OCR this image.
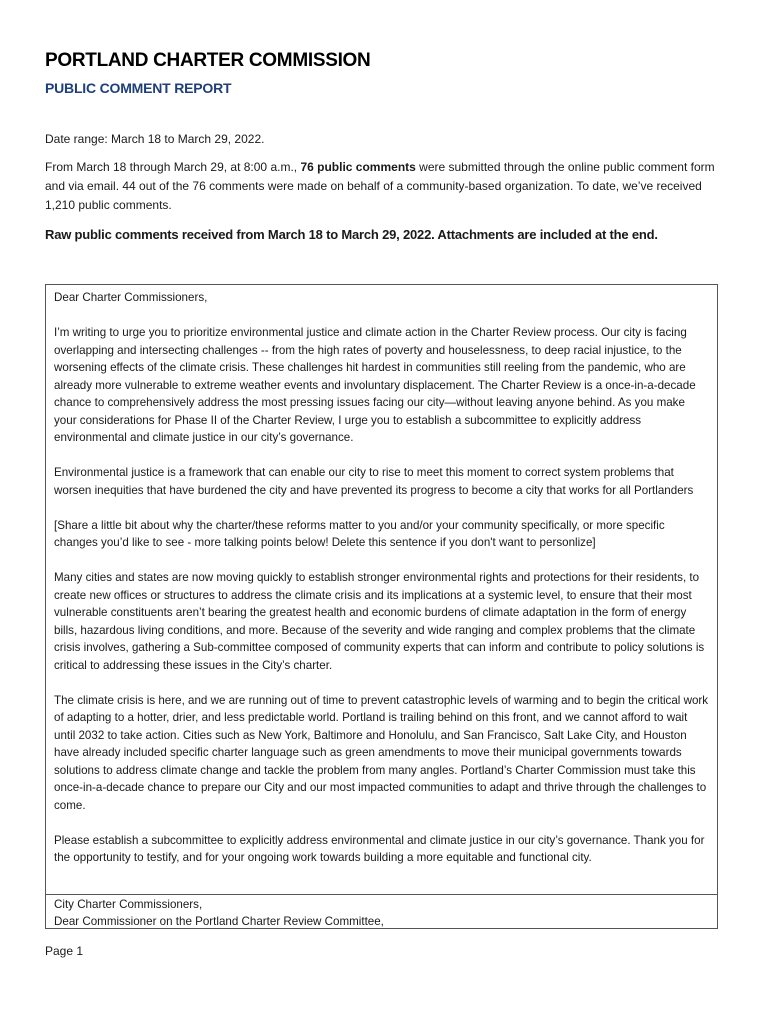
PORTLAND CHARTER COMMISSION
PUBLIC COMMENT REPORT

Date range: March 18 to March 29, 2022.

From March 18 through March 29, at 8:00 a.m., 76 public comments were submitted through the online public comment form and via email. 44 out of the 76 comments were made on behalf of a community-based organization. To date, we’ve received 1,210 public comments.

Raw public comments received from March 18 to March 29, 2022. Attachments are included at the end.

Dear Charter Commissioners,

I’m writing to urge you to prioritize environmental justice and climate action in the Charter Review process. Our city is facing overlapping and intersecting challenges -- from the high rates of poverty and houselessness, to deep racial injustice, to the worsening effects of the climate crisis. These challenges hit hardest in communities still reeling from the pandemic, who are already more vulnerable to extreme weather events and involuntary displacement. The Charter Review is a once-in-a-decade chance to comprehensively address the most pressing issues facing our city—without leaving anyone behind. As you make your considerations for Phase II of the Charter Review, I urge you to establish a subcommittee to explicitly address environmental and climate justice in our city’s governance.

Environmental justice is a framework that can enable our city to rise to meet this moment to correct system problems that worsen inequities that have burdened the city and have prevented its progress to become a city that works for all Portlanders

[Share a little bit about why the charter/these reforms matter to you and/or your community specifically, or more specific changes you’d like to see - more talking points below! Delete this sentence if you don't want to personlize]

Many cities and states are now moving quickly to establish stronger environmental rights and protections for their residents, to create new offices or structures to address the climate crisis and its implications at a systemic level, to ensure that their most vulnerable constituents aren’t bearing the greatest health and economic burdens of climate adaptation in the form of energy bills, hazardous living conditions, and more. Because of the severity and wide ranging and complex problems that the climate crisis involves, gathering a Sub-committee composed of community experts that can inform and contribute to policy solutions is critical to addressing these issues in the City’s charter.

The climate crisis is here, and we are running out of time to prevent catastrophic levels of warming and to begin the critical work of adapting to a hotter, drier, and less predictable world. Portland is trailing behind on this front, and we cannot afford to wait until 2032 to take action. Cities such as New York, Baltimore and Honolulu, and San Francisco, Salt Lake City, and Houston have already included specific charter language such as green amendments to move their municipal governments towards solutions to address climate change and tackle the problem from many angles. Portland’s Charter Commission must take this once-in-a-decade chance to prepare our City and our most impacted communities to adapt and thrive through the challenges to come.

Please establish a subcommittee to explicitly address environmental and climate justice in our city’s governance. Thank you for the opportunity to testify, and for your ongoing work towards building a more equitable and functional city.

City Charter Commissioners,

Dear Commissioner on the Portland Charter Review Committee,

Page 1
